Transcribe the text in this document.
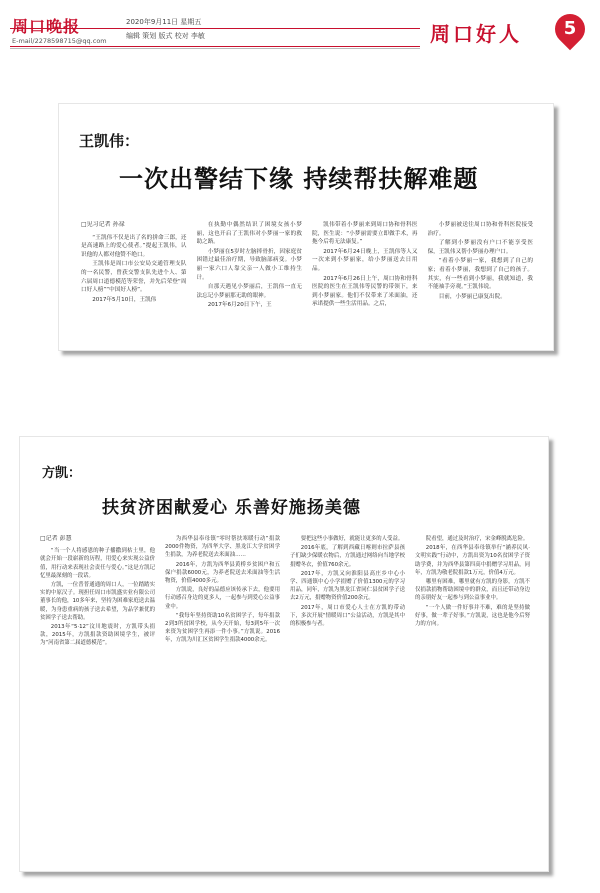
周口晚报	2020年9月11日 星期五
编辑 策划 版式 校对 李敏
E-mail/2278598715@qq.com	周口好人	5
王凯伟：
一次出警结下缘 持续帮扶解难题
□见习记者 孙禄

“王凯伟不仅是出了名的拼命三郎，还是高速路上的爱心使者。”提起王凯伟，认识他的人都对他赞不绝口。

王凯伟是周口市公安局交通管理支队的一名民警，曾获交警支队先进个人、第六届周口道德模范等荣誉，并先后荣登“周口好人榜”“中国好人榜”。

2017年5月10日，王凯伟

在执勤中偶然结识了困境女孩小梦丽，这也开启了王凯伟对小梦丽一家的救助之路。

小梦丽在5岁时左脑摔骨折，因家庭贫困错过最佳治疗期，导致脑部病变。小梦丽一家六口人靠父亲一人做小工维持生计。

自那天遇见小梦丽后，王凯伟一直无法忘记小梦丽那无助的眼神。

2017年6月20日下午，王

凯伟带着小梦丽来到周口协和骨科医院，医生说：“小梦丽需要立即做手术，再拖今后将无法康复。”

2017年6月24日晚上，王凯伟等人又一次来到小梦丽家，给小梦丽送去日用品。

2017年6月26日上午，周口协和骨科医院的医生在王凯伟等民警的带领下，来到小梦丽家。他们不仅带来了米面油，还承诺提供一些生活用品。之后，

小梦丽被送往周口协和骨科医院接受治疗。

了解到小梦丽没有户口不能享受医保，王凯伟又帮小梦丽办理户口。

“看着小梦丽一家，我想到了自己的家；看着小梦丽，我想到了自己的孩子。其实，有一些看到小梦丽，我就知道，我不能袖手旁观。”王凯伟说。

目前，小梦丽已康复出院。

方凯：
扶贫济困献爱心 乐善好施扬美德
□记者 彭慧

“当一个人将感恩的种子播撒到枯土里，他就会开始一段崭新的历程，用爱心来实现公益价值，用行动来表现社会责任与爱心。”这是方凯记忆里最深刻的一段话。

方凯，一位普普通通的周口人，一位踏踏实实的中原汉子。现担任周口市凯盛实业有限公司董事长的他，10多年来，坚持为困难家庭送去温暖，为身患重病的孩子送去希望，为品学兼优的贫困学子送去帮助。

2013年“5·12”汶川地震时，方凯带头捐款，2015年，方凯捐款资助困境学生，被评为“河南省第二届道德模范”。

为西华县奉母镇“零时帮扶寒暖行动”捐款2000件物资，为四华大学、黑龙江大学贫困学生捐款，为养老院送去米面油……

2016年，方凯为西华县黄桥乡贫困户和五保户捐款6000元，为养老院送去米面油等生活物资，价值4000多元。

方凯说，良好的品德应该传承下去，他要用行动感召身边的更多人，一起参与到爱心公益事业中。

“我每年坚持资助10名贫困学子，每年捐款2到3所贫困学校，从今天开始，每3到5年一次来资为贫困学生再添一件小事。”方凯说。2016年，方凯为川汇区贫困学生捐款4000余元。

要把这些小事做好，就能让更多的人受益。

2016年底，了解到西藏日喀则市拉萨县孩子们缺少保暖衣物后，方凯通过网络向当地学校捐赠冬衣，价值760余元。

2017年，方凯又向淮阳县高庄乡中心小学、四通镇中心小学捐赠了价值1300元的学习用品，同年，方凯为黑龙江省同仁县贫困学子送去2万元，捐赠物资价值200余元。

2017年，周口市爱心人士在方凯的带动下，多次开展“情暖周口”公益活动，方凯是其中的积极参与者。

院看望，通过及时治疗，宋金峰脱离危险。

2018年，在西华县奉母镇举行“涵养民风·文明实践”行动中，方凯出资为10名贫困学子资助学费，并为西华县第四高中捐赠学习用品，同年，方凯为敬老院捐款1万元，价值4万元。

哪里有困难，哪里就有方凯的身影，方凯不仅捐款捐物帮助困境中的群众，而且还带动身边的亲朋好友一起参与到公益事业中。

“一个人做一件好事并不难，难的是坚持做好事，做一辈子好事。”方凯说，这也是他今后努力的方向。
